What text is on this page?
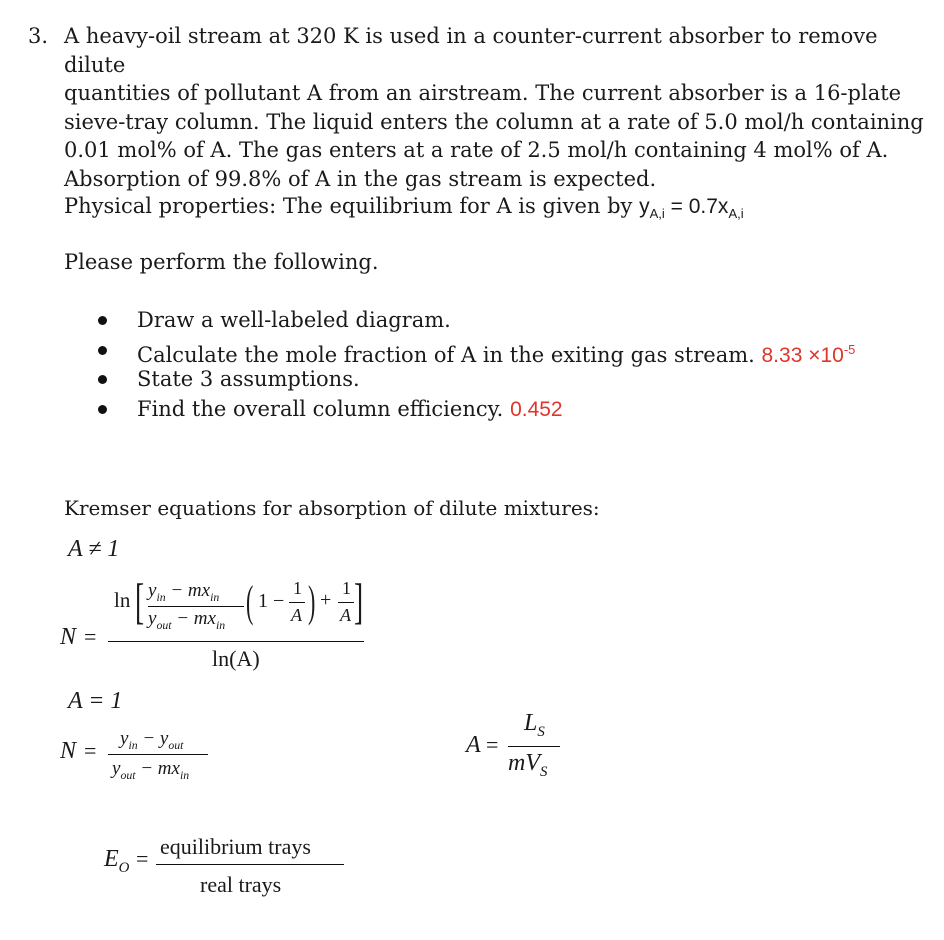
3. A heavy-oil stream at 320 K is used in a counter-current absorber to remove dilute
quantities of pollutant A from an airstream. The current absorber is a 16-plate
sieve-tray column. The liquid enters the column at a rate of 5.0 mol/h containing
0.01 mol% of A. The gas enters at a rate of 2.5 mol/h containing 4 mol% of A.
Absorption of 99.8% of A in the gas stream is expected.
Physical properties: The equilibrium for A is given by $y_{A,i} = 0.7x_{A,i}$
Please perform the following.
Draw a well-labeled diagram.
Calculate the mole fraction of A in the exiting gas stream. $8.33 \times 10^{-5}$
State 3 assumptions.
Find the overall column efficiency. 0.452
Kremser equations for absorption of dilute mixtures:
A ≠ 1
N =
ln [ $y_{in} - mx_{in}$
$y_{out} - mx_{in}$ ( 1 −
1
A ) +
1
A ]
ln(A)
A = 1
$N = y_{in} - y_{out}$
$y_{out} - mx_{in}$
A =
$L_S$
$mV_S$
$E_O$ = equilibrium trays
real trays
